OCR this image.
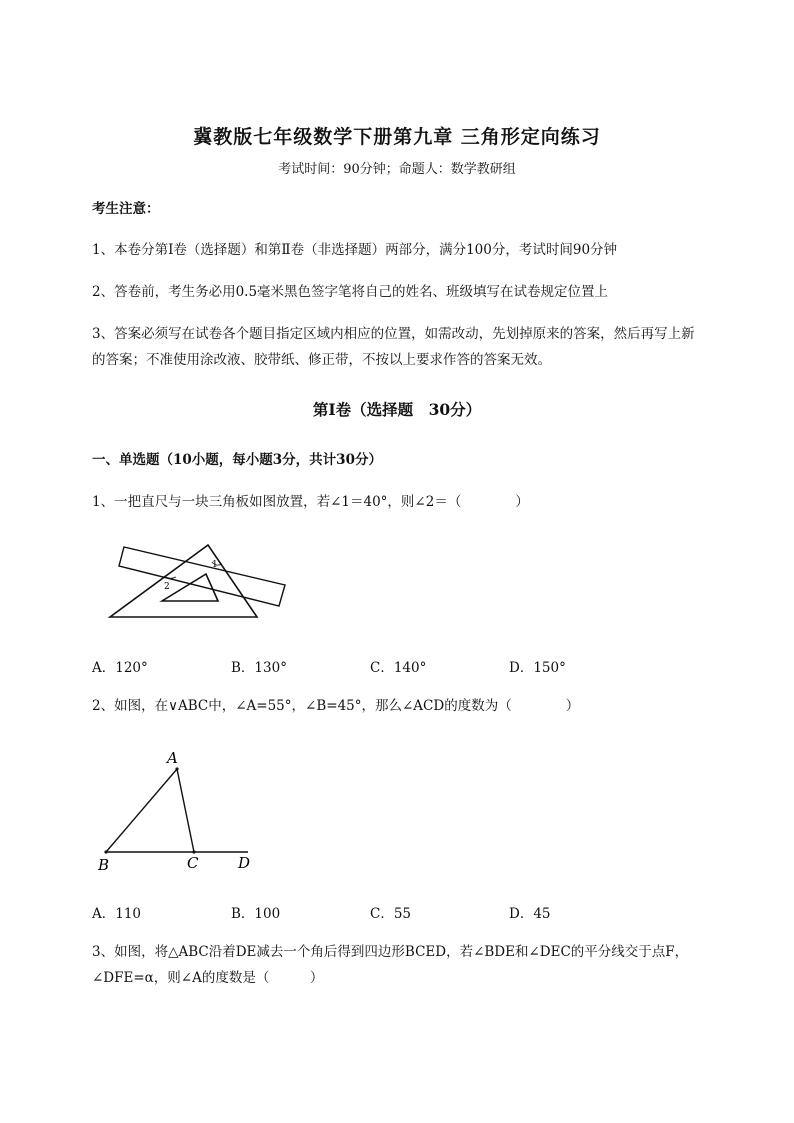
冀教版七年级数学下册第九章 三角形定向练习
考试时间：90分钟；命题人：数学教研组
考生注意：
1、本卷分第Ⅰ卷（选择题）和第Ⅱ卷（非选择题）两部分，满分100分，考试时间90分钟
2、答卷前，考生务必用0.5毫米黑色签字笔将自己的姓名、班级填写在试卷规定位置上
3、答案必须写在试卷各个题目指定区域内相应的位置，如需改动，先划掉原来的答案，然后再写上新
的答案；不准使用涂改液、胶带纸、修正带，不按以上要求作答的答案无效。
第Ⅰ卷（选择题　30分）
一、单选题（10小题，每小题3分，共计30分）
1、一把直尺与一块三角板如图放置，若∠1＝40°，则∠2＝（　　　　）
1
2
A．120°	B．130°	C．140°	D．150°
2、如图，在∨ABC中，∠A=55°，∠B=45°，那么∠ACD的度数为（　　　　）
A
B	C	D
A．110	B．100	C．55	D．45
3、如图，将△ABC沿着DE减去一个角后得到四边形BCED，若∠BDE和∠DEC的平分线交于点F，
∠DFE=α，则∠A的度数是（　　　）
